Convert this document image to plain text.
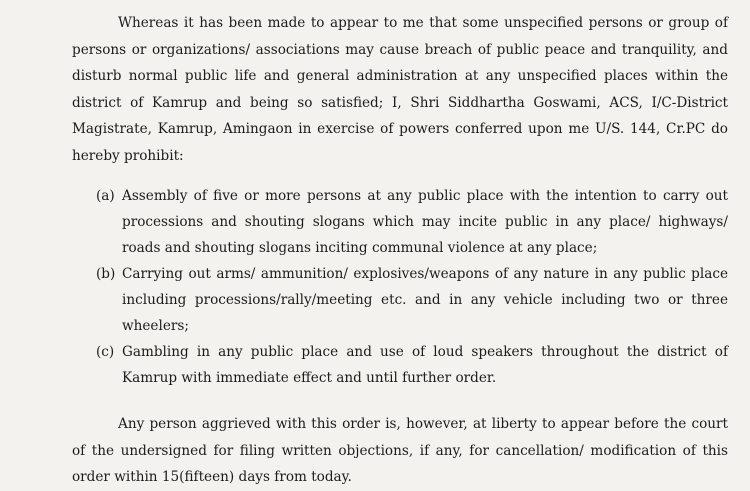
Whereas it has been made to appear to me that some unspecified persons or group of persons or organizations/ associations may cause breach of public peace and tranquility, and disturb normal public life and general administration at any unspecified places within the district of Kamrup and being so satisfied; I, Shri Siddhartha Goswami, ACS, I/C-District Magistrate, Kamrup, Amingaon in exercise of powers conferred upon me U/S. 144, Cr.PC do hereby prohibit:

(a) Assembly of five or more persons at any public place with the intention to carry out processions and shouting slogans which may incite public in any place/ highways/ roads and shouting slogans inciting communal violence at any place;
(b) Carrying out arms/ ammunition/ explosives/weapons of any nature in any public place including processions/rally/meeting etc. and in any vehicle including two or three wheelers;
(c) Gambling in any public place and use of loud speakers throughout the district of Kamrup with immediate effect and until further order.

Any person aggrieved with this order is, however, at liberty to appear before the court of the undersigned for filing written objections, if any, for cancellation/ modification of this order within 15(fifteen) days from today.
